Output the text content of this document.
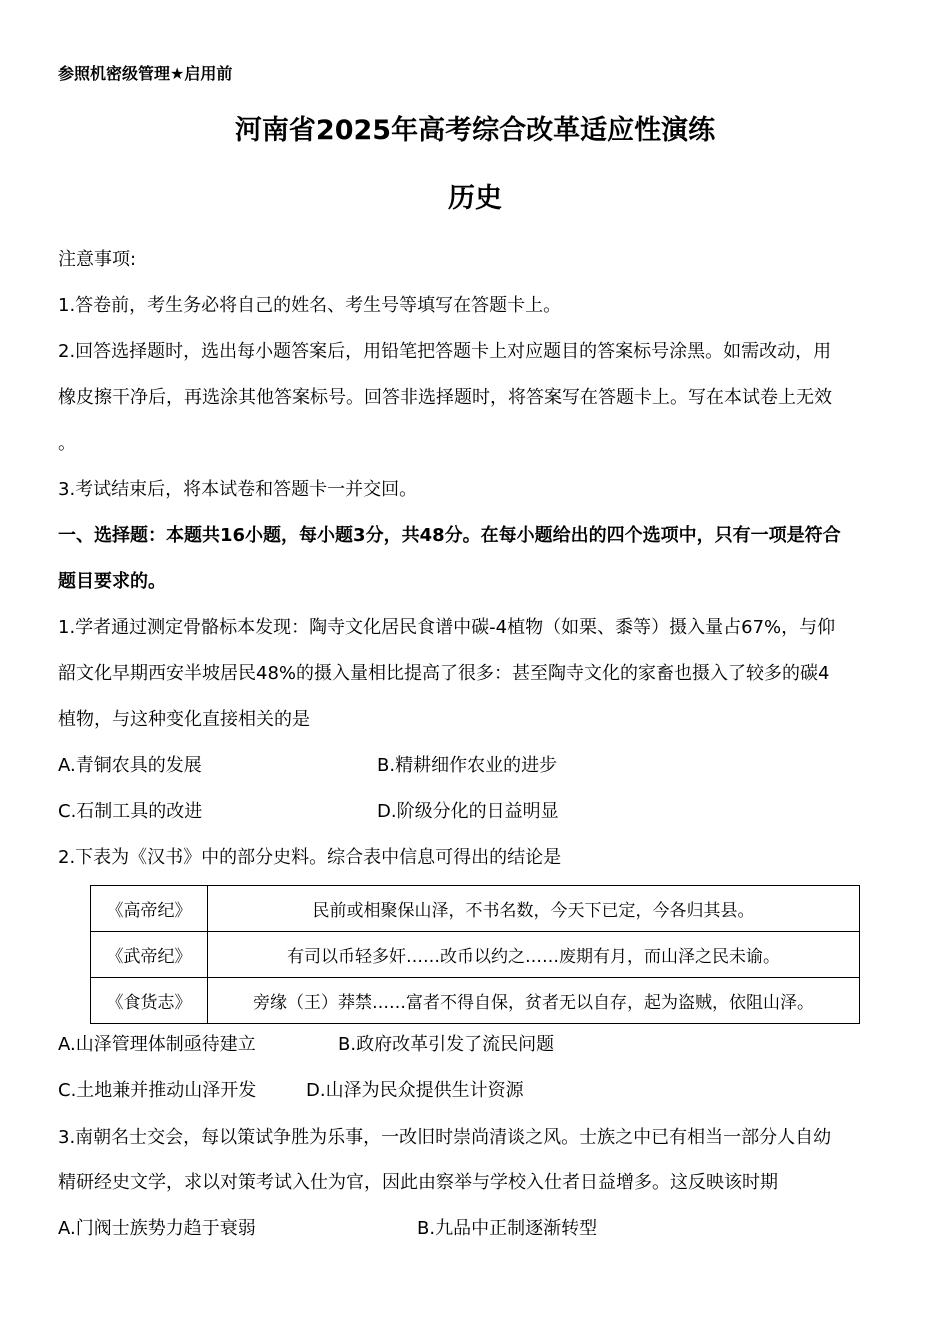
参照机密级管理★启用前
河南省2025年高考综合改革适应性演练
历史
注意事项:
1.答卷前，考生务必将自己的姓名、考生号等填写在答题卡上。
2.回答选择题时，选出每小题答案后，用铅笔把答题卡上对应题目的答案标号涂黑。如需改动，用
橡皮擦干净后，再选涂其他答案标号。回答非选择题时，将答案写在答题卡上。写在本试卷上无效
。
3.考试结束后，将本试卷和答题卡一并交回。
一、选择题：本题共16小题，每小题3分，共48分。在每小题给出的四个选项中，只有一项是符合
题目要求的。
1.学者通过测定骨骼标本发现：陶寺文化居民食谱中碳-4植物（如栗、黍等）摄入量占67%，与仰
韶文化早期西安半坡居民48%的摄入量相比提高了很多：甚至陶寺文化的家畜也摄入了较多的碳4
植物，与这种变化直接相关的是
A.青铜农具的发展	B.精耕细作农业的进步
C.石制工具的改进	D.阶级分化的日益明显
2.下表为《汉书》中的部分史料。综合表中信息可得出的结论是
《高帝纪》	民前或相聚保山泽，不书名数，今天下已定，今各归其县。
《武帝纪》	有司以币轻多奸……改币以约之……废期有月，而山泽之民未谕。
《食货志》	旁缘（王）莽禁……富者不得自保，贫者无以自存，起为盗贼，依阻山泽。
A.山泽管理体制亟待建立	B.政府改革引发了流民问题
C.土地兼并推动山泽开发	D.山泽为民众提供生计资源
3.南朝名士交会，每以策试争胜为乐事，一改旧时崇尚清谈之风。士族之中已有相当一部分人自幼
精研经史文学，求以对策考试入仕为官，因此由察举与学校入仕者日益增多。这反映该时期
A.门阀士族势力趋于衰弱	B.九品中正制逐渐转型
